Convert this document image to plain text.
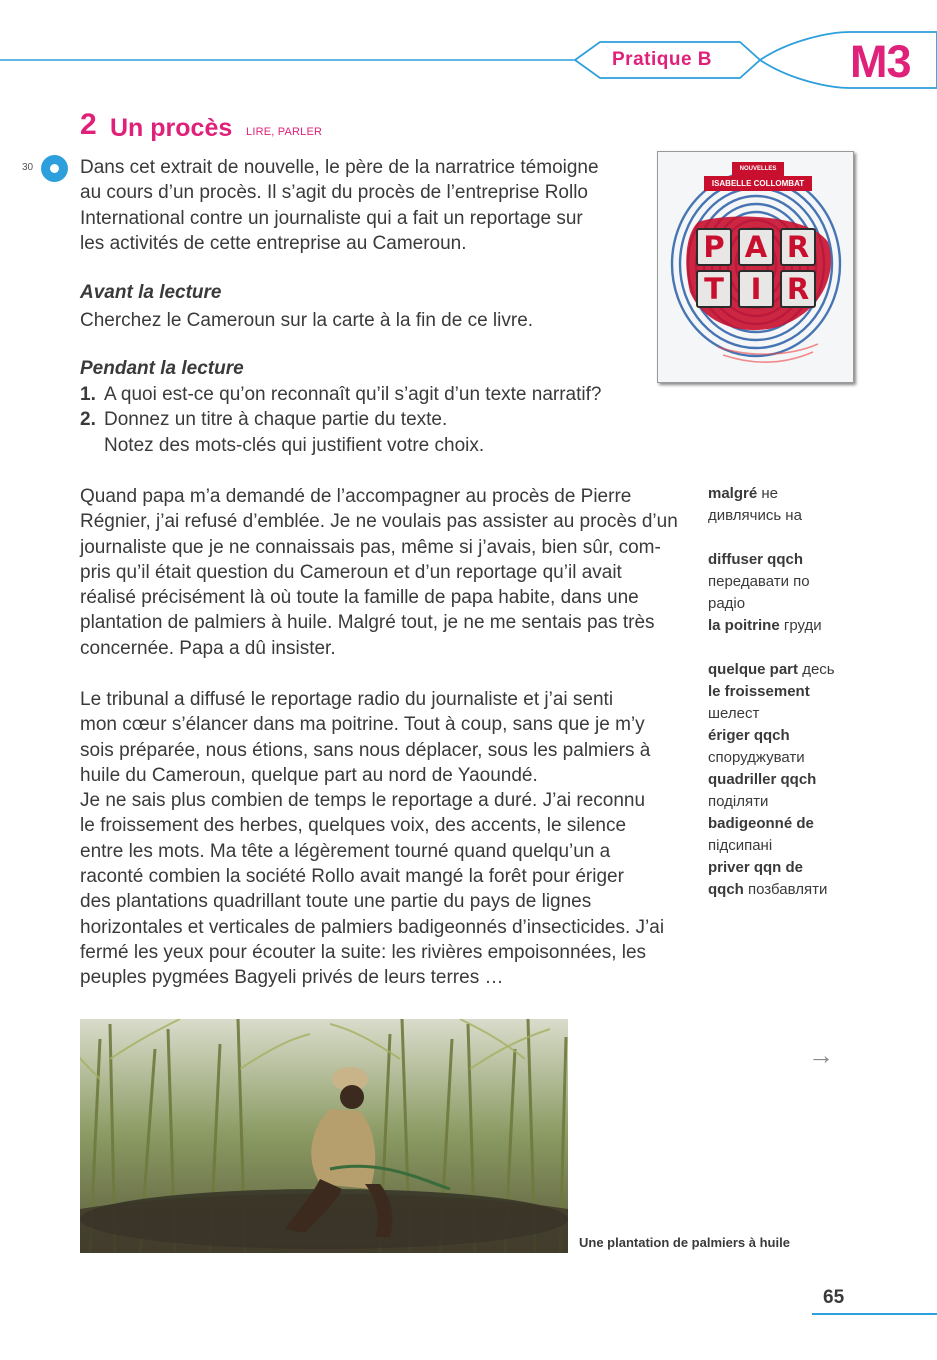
Pratique B	M3
2 Un procès LIRE, PARLER
30 Dans cet extrait de nouvelle, le père de la narratrice témoigne
au cours d’un procès. Il s’agit du procès de l’entreprise Rollo
International contre un journaliste qui a fait un reportage sur
les activités de cette entreprise au Cameroun.
Avant la lecture
Cherchez le Cameroun sur la carte à la fin de ce livre.
Pendant la lecture
1. A quoi est-ce qu’on reconnaît qu’il s’agit d’un texte narratif?
2. Donnez un titre à chaque partie du texte.
Notez des mots-clés qui justifient votre choix.
NOUVELLES
ISABELLE COLLOMBAT
P A R
T I R
Quand papa m’a demandé de l’accompagner au procès de Pierre
Régnier, j’ai refusé d’emblée. Je ne voulais pas assister au procès d’un
journaliste que je ne connaissais pas, même si j’avais, bien sûr, com-
pris qu’il était question du Cameroun et d’un reportage qu’il avait
réalisé précisément là où toute la famille de papa habite, dans une
plantation de palmiers à huile. Malgré tout, je ne me sentais pas très
concernée. Papa a dû insister.
Le tribunal a diffusé le reportage radio du journaliste et j’ai senti
mon cœur s’élancer dans ma poitrine. Tout à coup, sans que je m’y
sois préparée, nous étions, sans nous déplacer, sous les palmiers à
huile du Cameroun, quelque part au nord de Yaoundé.
Je ne sais plus combien de temps le reportage a duré. J’ai reconnu
le froissement des herbes, quelques voix, des accents, le silence
entre les mots. Ma tête a légèrement tourné quand quelqu’un a
raconté combien la société Rollo avait mangé la forêt pour ériger
des plantations quadrillant toute une partie du pays de lignes
horizontales et verticales de palmiers badigeonnés d’insecticides. J’ai
fermé les yeux pour écouter la suite: les rivières empoisonnées, les
peuples pygmées Bagyeli privés de leurs terres …
malgré не
дивлячись на
diffuser qqch
передавати по
радіо
la poitrine груди
quelque part десь
le froissement
шелест
ériger qqch
споруджувати
quadriller qqch
поділяти
badigeonné de
підсипані
priver qqn de
qqch позбавляти
→
Une plantation de palmiers à huile
65
